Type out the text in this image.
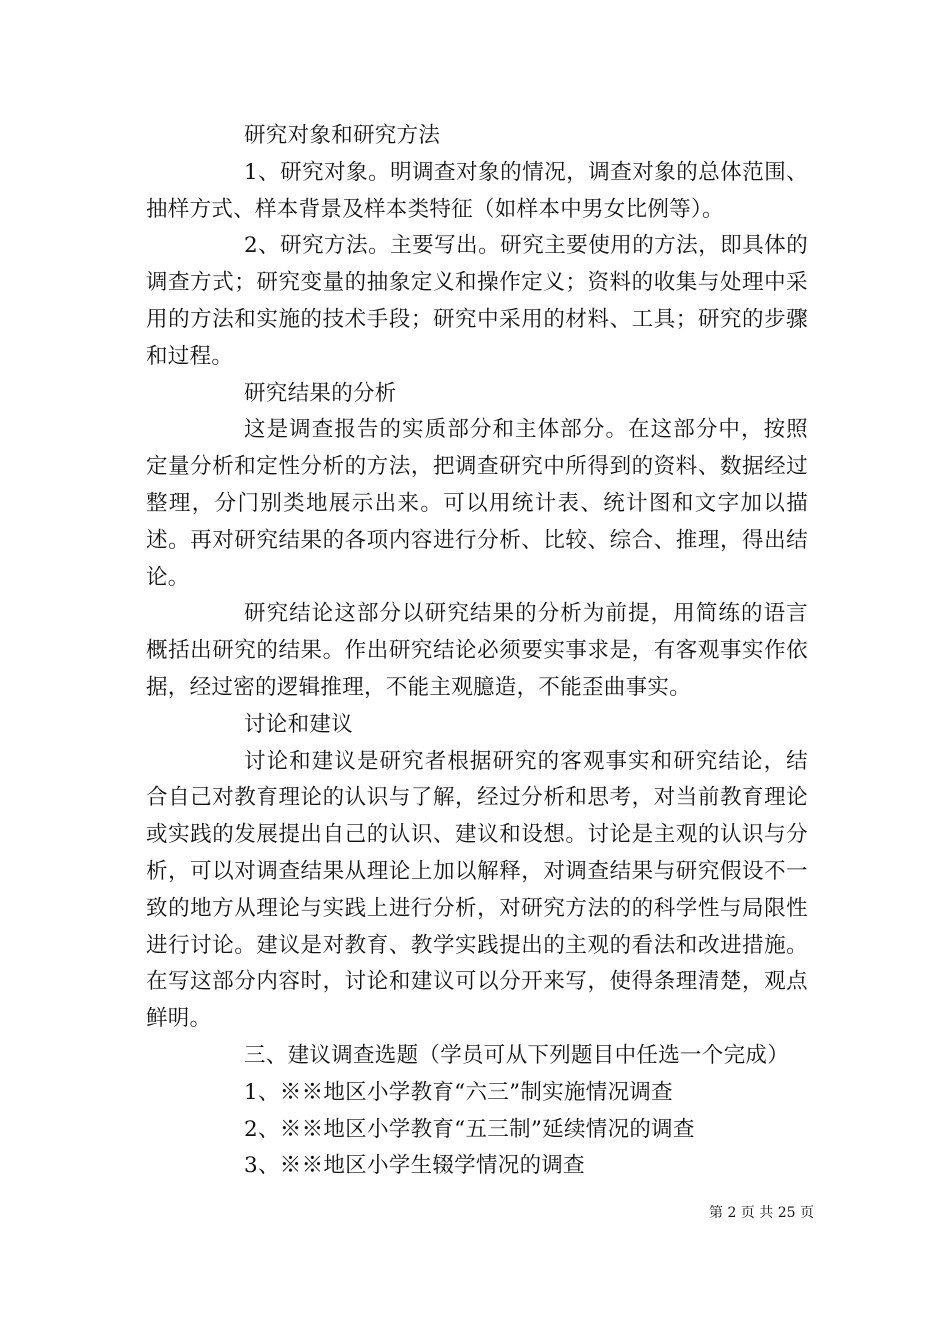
研究对象和研究方法

1、研究对象。明调查对象的情况，调查对象的总体范围、抽样方式、样本背景及样本类特征（如样本中男女比例等）。

2、研究方法。主要写出。研究主要使用的方法，即具体的调查方式；研究变量的抽象定义和操作定义；资料的收集与处理中采用的方法和实施的技术手段；研究中采用的材料、工具；研究的步骤和过程。

研究结果的分析

这是调查报告的实质部分和主体部分。在这部分中，按照定量分析和定性分析的方法，把调查研究中所得到的资料、数据经过整理，分门别类地展示出来。可以用统计表、统计图和文字加以描述。再对研究结果的各项内容进行分析、比较、综合、推理，得出结论。

研究结论这部分以研究结果的分析为前提，用简练的语言概括出研究的结果。作出研究结论必须要实事求是，有客观事实作依据，经过密的逻辑推理，不能主观臆造，不能歪曲事实。

讨论和建议

讨论和建议是研究者根据研究的客观事实和研究结论，结合自己对教育理论的认识与了解，经过分析和思考，对当前教育理论或实践的发展提出自己的认识、建议和设想。讨论是主观的认识与分析，可以对调查结果从理论上加以解释，对调查结果与研究假设不一致的地方从理论与实践上进行分析，对研究方法的的科学性与局限性进行讨论。建议是对教育、教学实践提出的主观的看法和改进措施。在写这部分内容时，讨论和建议可以分开来写，使得条理清楚，观点鲜明。

三、建议调查选题（学员可从下列题目中任选一个完成）

1、※※地区小学教育“六三”制实施情况调查

2、※※地区小学教育“五三制”延续情况的调查

3、※※地区小学生辍学情况的调查

第 2 页 共 25 页
